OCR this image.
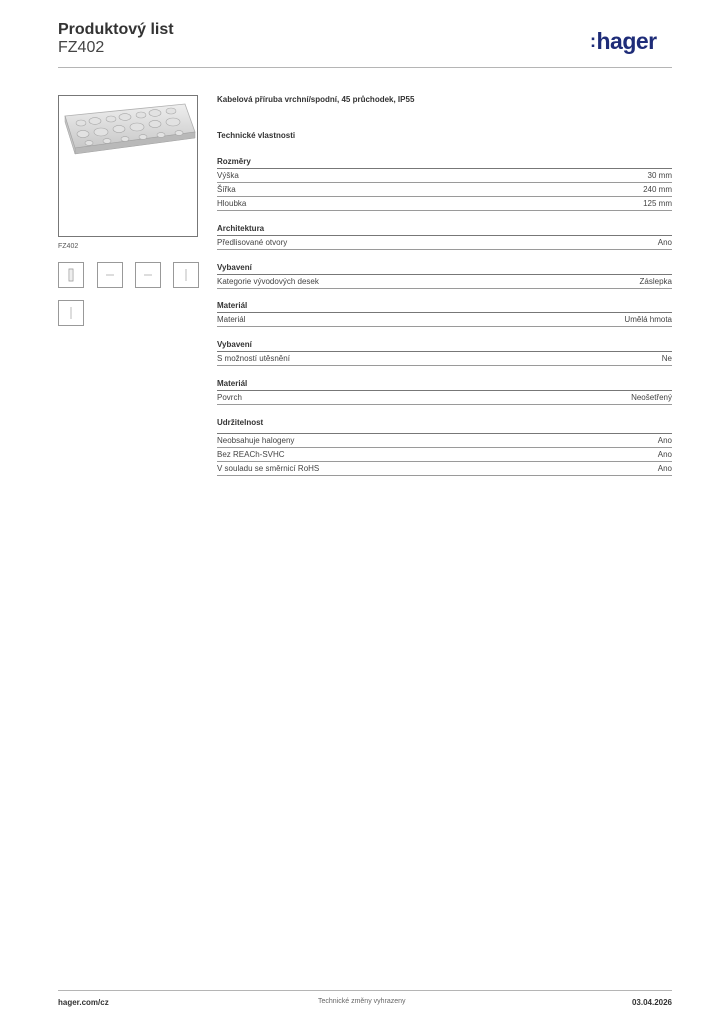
Produktový list
FZ402	:hager
FZ402
Kabelová příruba vrchní/spodní, 45 průchodek, IP55
Technické vlastnosti
Rozměry
Výška	30 mm
Šířka	240 mm
Hloubka	125 mm
Architektura
Předlisované otvory	Ano
Vybavení
Kategorie vývodových desek	Záslepka
Materiál
Materiál	Umělá hmota
Vybavení
S možností utěsnění	Ne
Materiál
Povrch	Neošetřený
Udržitelnost
Neobsahuje halogeny	Ano
Bez REACh-SVHC	Ano
V souladu se směrnicí RoHS	Ano
hager.com/cz	Technické změny vyhrazeny	03.04.2026
